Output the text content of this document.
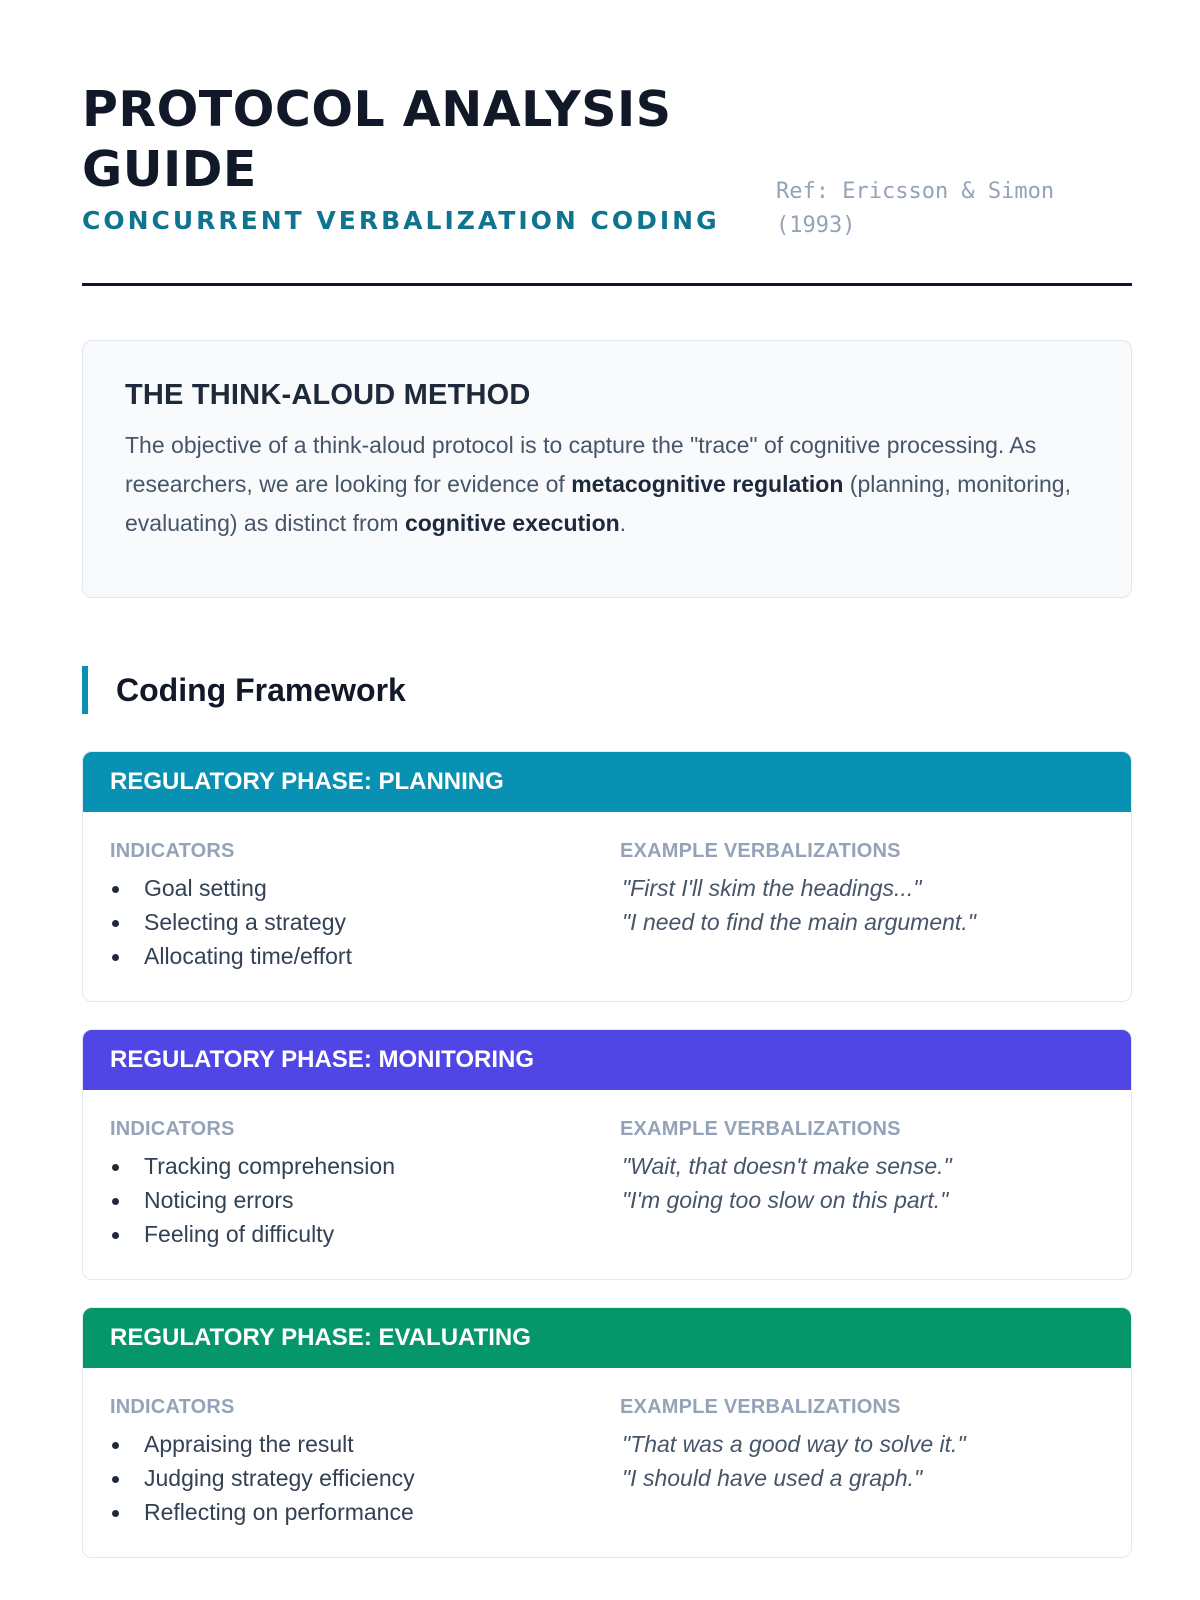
PROTOCOL ANALYSIS GUIDE
CONCURRENT VERBALIZATION CODING
Ref: Ericsson & Simon (1993)
THE THINK-ALOUD METHOD

The objective of a think-aloud protocol is to capture the "trace" of cognitive processing. As researchers, we are looking for evidence of metacognitive regulation (planning, monitoring, evaluating) as distinct from cognitive execution.

Coding Framework
REGULATORY PHASE: PLANNING
INDICATORS
Goal setting
Selecting a strategy
Allocating time/effort
EXAMPLE VERBALIZATIONS
"First I'll skim the headings..."
"I need to find the main argument."
REGULATORY PHASE: MONITORING
INDICATORS
Tracking comprehension
Noticing errors
Feeling of difficulty
EXAMPLE VERBALIZATIONS
"Wait, that doesn't make sense."
"I'm going too slow on this part."
REGULATORY PHASE: EVALUATING
INDICATORS
Appraising the result
Judging strategy efficiency
Reflecting on performance
EXAMPLE VERBALIZATIONS
"That was a good way to solve it."
"I should have used a graph."
